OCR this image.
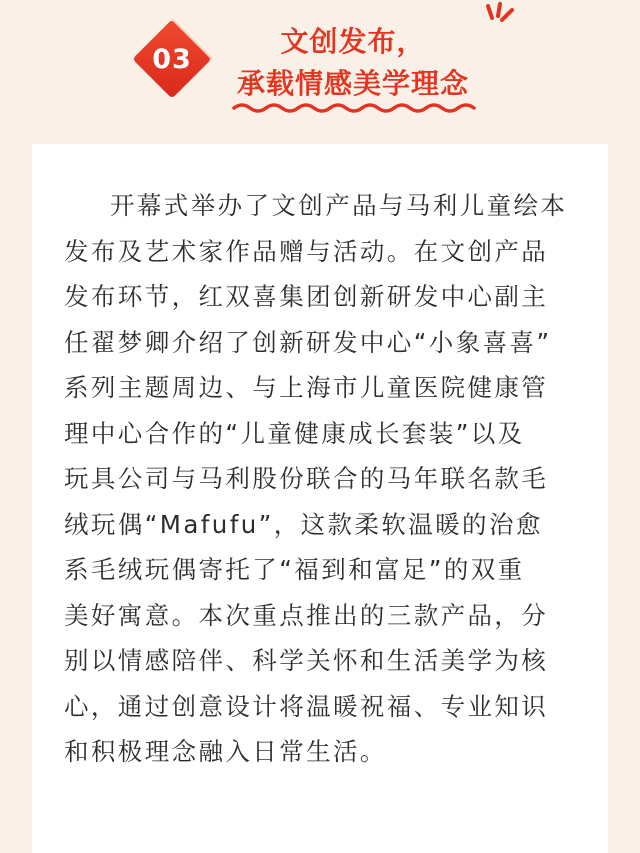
03
文创发布，
承载情感美学理念

开幕式举办了文创产品与马利儿童绘本
发布及艺术家作品赠与活动。在文创产品
发布环节，红双喜集团创新研发中心副主
任翟梦卿介绍了创新研发中心“小象喜喜”
系列主题周边、与上海市儿童医院健康管
理中心合作的“儿童健康成长套装”以及
玩具公司与马利股份联合的马年联名款毛
绒玩偶“Mafufu”，这款柔软温暖的治愈
系毛绒玩偶寄托了“福到和富足”的双重
美好寓意。本次重点推出的三款产品，分
别以情感陪伴、科学关怀和生活美学为核
心，通过创意设计将温暖祝福、专业知识
和积极理念融入日常生活。
